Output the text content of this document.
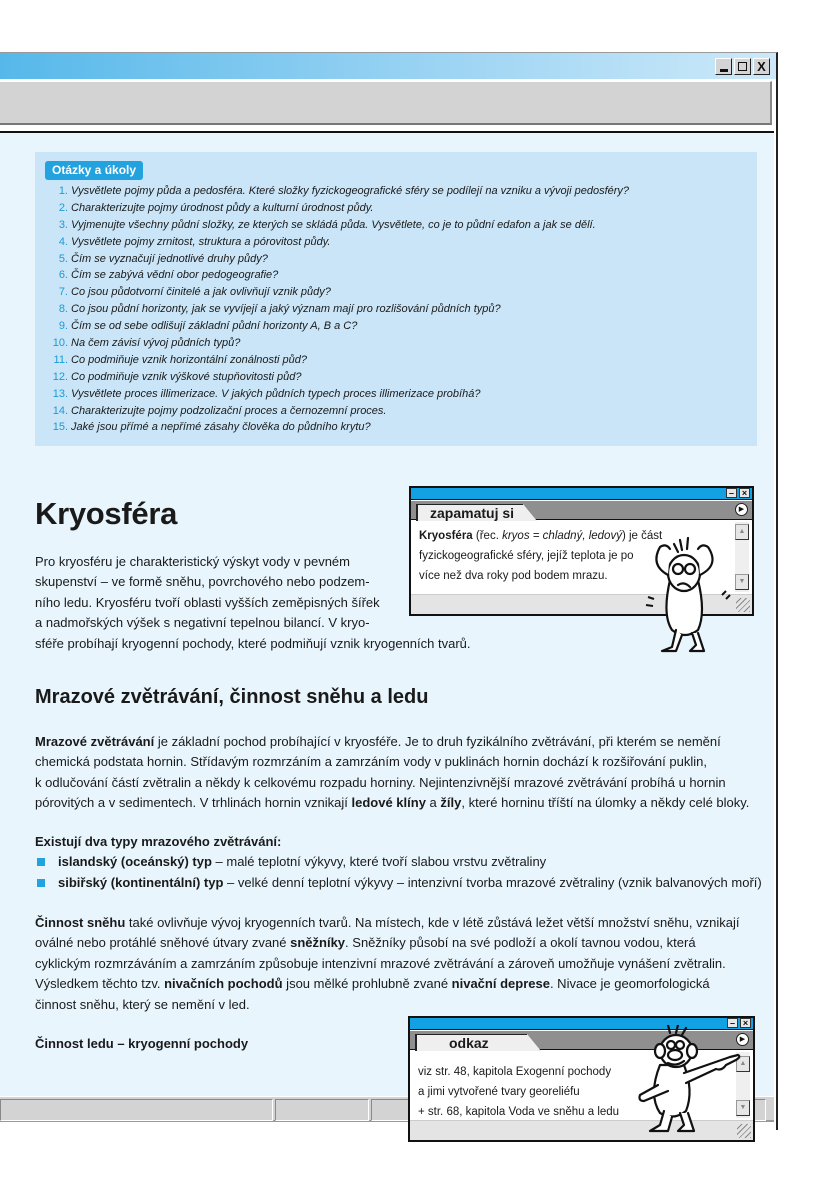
X
Otázky a úkoly
1. Vysvětlete pojmy půda a pedosféra. Které složky fyzickogeografické sféry se podílejí na vzniku a vývoji pedosféry?
2. Charakterizujte pojmy úrodnost půdy a kulturní úrodnost půdy.
3. Vyjmenujte všechny půdní složky, ze kterých se skládá půda. Vysvětlete, co je to půdní edafon a jak se dělí.
4. Vysvětlete pojmy zrnitost, struktura a pórovitost půdy.
5. Čím se vyznačují jednotlivé druhy půdy?
6. Čím se zabývá vědní obor pedogeografie?
7. Co jsou půdotvorní činitelé a jak ovlivňují vznik půdy?
8. Co jsou půdní horizonty, jak se vyvíjejí a jaký význam mají pro rozlišování půdních typů?
9. Čím se od sebe odlišují základní půdní horizonty A, B a C?
10. Na čem závisí vývoj půdních typů?
11. Co podmiňuje vznik horizontální zonálnosti půd?
12. Co podmiňuje vznik výškové stupňovitosti půd?
13. Vysvětlete proces illimerizace. V jakých půdních typech proces illimerizace probíhá?
14. Charakterizujte pojmy podzolizační proces a černozemní proces.
15. Jaké jsou přímé a nepřímé zásahy člověka do půdního krytu?
Kryosféra
Pro kryosféru je charakteristický výskyt vody v pevném
skupenství – ve formě sněhu, povrchového nebo podzem-
ního ledu. Kryosféru tvoří oblasti vyšších zeměpisných šířek
a nadmořských výšek s negativní tepelnou bilancí. V kryo-
sféře probíhají kryogenní pochody, které podmiňují vznik kryogenních tvarů.
– ×
zapamatuj si	▶
Kryosféra (řec. kryos = chladný, ledový) je část
fyzickogeografické sféry, jejíž teplota je po
více než dva roky pod bodem mrazu.
▲
▼
Mrazové zvětrávání, činnost sněhu a ledu
Mrazové zvětrávání je základní pochod probíhající v kryosféře. Je to druh fyzikálního zvětrávání, při kterém se nemění
chemická podstata hornin. Střídavým rozmrzáním a zamrzáním vody v puklinách hornin dochází k rozšiřování puklin,
k odlučování částí zvětralin a někdy k celkovému rozpadu horniny. Nejintenzivnější mrazové zvětrávání probíhá u hornin
pórovitých a v sedimentech. V trhlinách hornin vznikají ledové klíny a žíly, které horninu tříští na úlomky a někdy celé bloky.
Existují dva typy mrazového zvětrávání:
islandský (oceánský) typ – malé teplotní výkyvy, které tvoří slabou vrstvu zvětraliny
sibiřský (kontinentální) typ – velké denní teplotní výkyvy – intenzivní tvorba mrazové zvětraliny (vznik balvanových moří)
Činnost sněhu také ovlivňuje vývoj kryogenních tvarů. Na místech, kde v létě zůstává ležet větší množství sněhu, vznikají
oválné nebo protáhlé sněhové útvary zvané sněžníky. Sněžníky působí na své podloží a okolí tavnou vodou, která
cyklickým rozmrzáváním a zamrzáním způsobuje intenzivní mrazové zvětrávání a zároveň umožňuje vynášení zvětralin.
Výsledkem těchto tzv. nivačních pochodů jsou mělké prohlubně zvané nivační deprese. Nivace je geomorfologická
činnost sněhu, který se nemění v led.
Činnost ledu – kryogenní pochody
– ×
odkaz	▶
viz str. 48, kapitola Exogenní pochody
a jimi vytvořené tvary georeliéfu
+ str. 68, kapitola Voda ve sněhu a ledu
▲
▼
